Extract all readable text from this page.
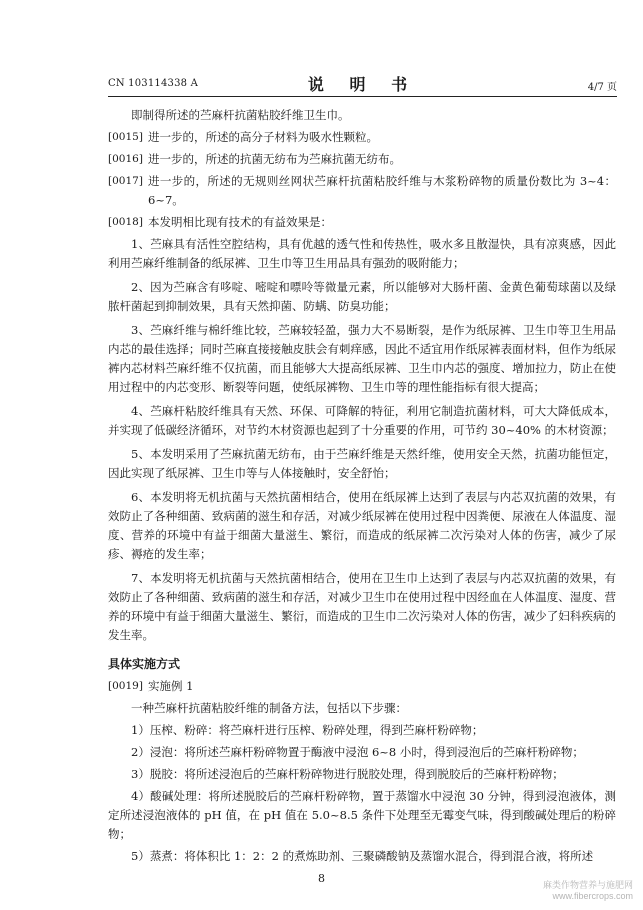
CN 103114338 A	说 明 书	4/7 页

即制得所述的苎麻杆抗菌粘胶纤维卫生巾。

[0015] 进一步的，所述的高分子材料为吸水性颗粒。
[0016] 进一步的，所述的抗菌无纺布为苎麻抗菌无纺布。
[0017] 进一步的，所述的无规则丝网状苎麻杆抗菌粘胶纤维与木浆粉碎物的质量份数比为 3~4：6~7。
[0018] 本发明相比现有技术的有益效果是：

1、苎麻具有活性空腔结构，具有优越的透气性和传热性，吸水多且散湿快，具有凉爽感，因此利用苎麻纤维制备的纸尿裤、卫生巾等卫生用品具有强劲的吸附能力；

2、因为苎麻含有哆啶、嘧啶和嘌呤等微量元素，所以能够对大肠杆菌、金黄色葡萄球菌以及绿脓杆菌起到抑制效果，具有天然抑菌、防螨、防臭功能；

3、苎麻纤维与棉纤维比较，苎麻较轻盈，强力大不易断裂，是作为纸尿裤、卫生巾等卫生用品内芯的最佳选择；同时苎麻直接接触皮肤会有刺痒感，因此不适宜用作纸尿裤表面材料，但作为纸尿裤内芯材料苎麻纤维不仅抗菌，而且能够大大提高纸尿裤、卫生巾内芯的强度、增加拉力，防止在使用过程中的内芯变形、断裂等问题，使纸尿裤物、卫生巾等的理性能指标有很大提高；

4、苎麻杆粘胶纤维具有天然、环保、可降解的特征，利用它制造抗菌材料，可大大降低成本，并实现了低碳经济循环，对节约木材资源也起到了十分重要的作用，可节约 30~40% 的木材资源；

5、本发明采用了苎麻抗菌无纺布，由于苎麻纤维是天然纤维，使用安全天然，抗菌功能恒定，因此实现了纸尿裤、卫生巾等与人体接触时，安全舒怡；

6、本发明将无机抗菌与天然抗菌相结合，使用在纸尿裤上达到了表层与内芯双抗菌的效果，有效防止了各种细菌、致病菌的滋生和存活，对减少纸尿裤在使用过程中因粪便、尿液在人体温度、湿度、营养的环境中有益于细菌大量滋生、繁衍，而造成的纸尿裤二次污染对人体的伤害，减少了尿疹、褥疮的发生率；

7、本发明将无机抗菌与天然抗菌相结合，使用在卫生巾上达到了表层与内芯双抗菌的效果，有效防止了各种细菌、致病菌的滋生和存活，对减少卫生巾在使用过程中因经血在人体温度、湿度、营养的环境中有益于细菌大量滋生、繁衍，而造成的卫生巾二次污染对人体的伤害，减少了妇科疾病的发生率。

具体实施方式
[0019] 实施例 1

一种苎麻杆抗菌粘胶纤维的制备方法，包括以下步骤：

1）压榨、粉碎：将苎麻杆进行压榨、粉碎处理，得到苎麻杆粉碎物；

2）浸泡：将所述苎麻杆粉碎物置于酶液中浸泡 6~8 小时，得到浸泡后的苎麻杆粉碎物；

3）脱胶：将所述浸泡后的苎麻杆粉碎物进行脱胶处理，得到脱胶后的苎麻杆粉碎物；

4）酸碱处理：将所述脱胶后的苎麻杆粉碎物，置于蒸馏水中浸泡 30 分钟，得到浸泡液体，测定所述浸泡液体的 pH 值，在 pH 值在 5.0~8.5 条件下处理至无霉变气味，得到酸碱处理后的粉碎物；

5）蒸煮：将体积比 1：2：2 的煮炼助剂、三聚磷酸钠及蒸馏水混合，得到混合液，将所述

8	麻类作物营养与施肥网
www.fibercrops.com
